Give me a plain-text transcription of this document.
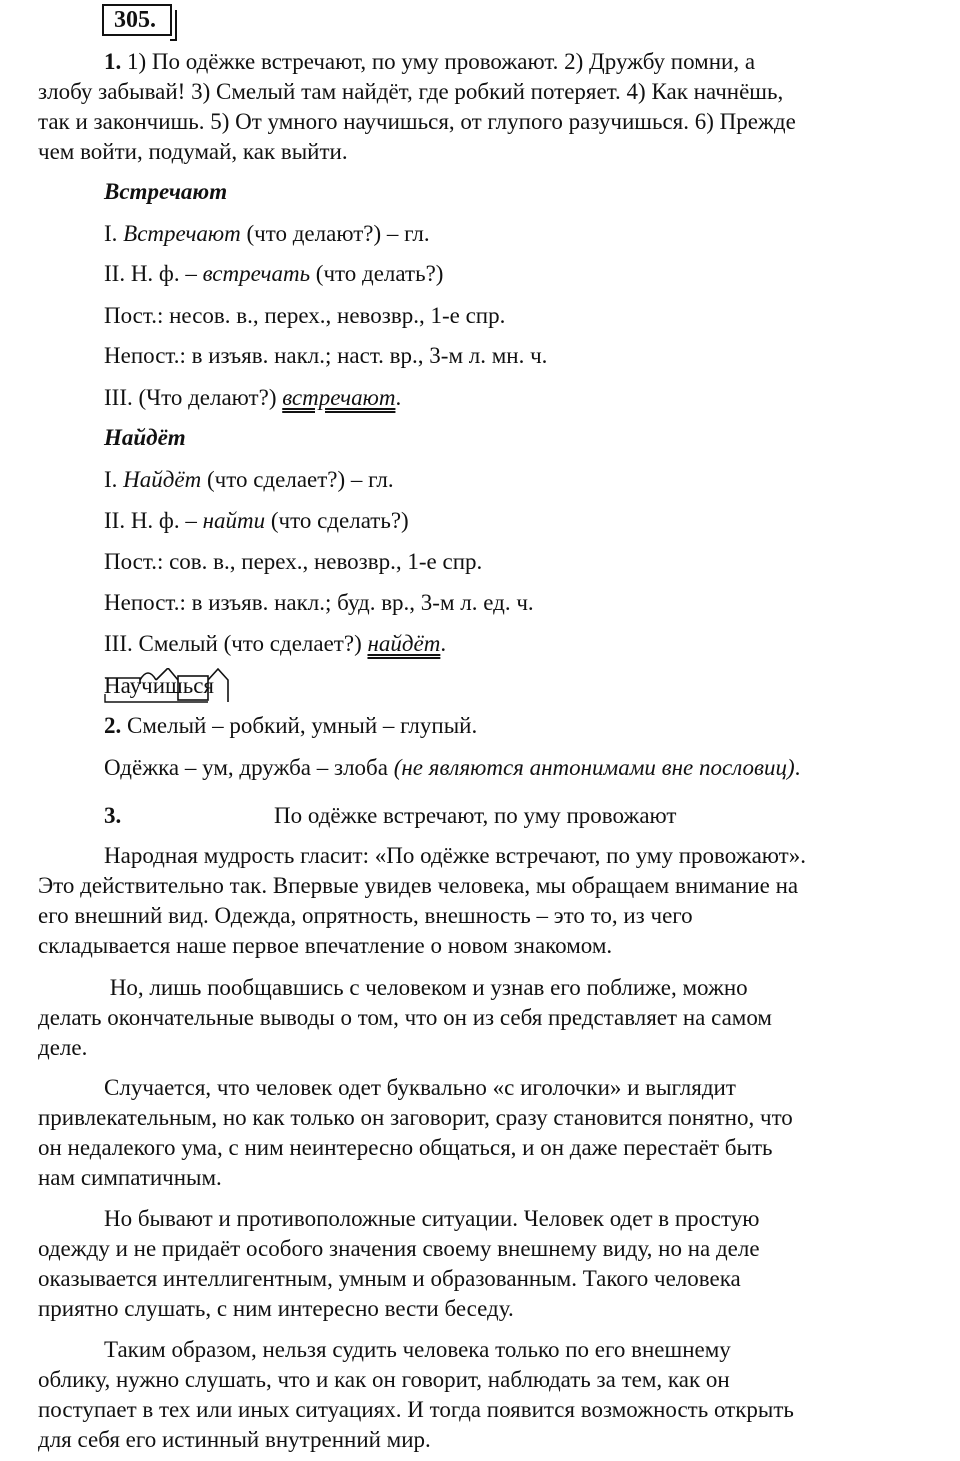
305.
1. 1) По одёжке встречают, по уму провожают. 2) Дружбу помни, а
злобу забывай! 3) Смелый там найдёт, где робкий потеряет. 4) Как начнёшь,
так и закончишь. 5) От умного научишься, от глупого разучишься. 6) Прежде
чем войти, подумай, как выйти.
Встречают
I. Встречают (что делают?) – гл.
II. Н. ф. – встречать (что делать?)
Пост.: несов. в., перех., невозвр., 1-е спр.
Непост.: в изъяв. накл.; наст. вр., 3-м л. мн. ч.
III. (Что делают?) встречают.
Найдёт
I. Найдёт (что сделает?) – гл.
II. Н. ф. – найти (что сделать?)
Пост.: сов. в., перех., невозвр., 1-е спр.
Непост.: в изъяв. накл.; буд. вр., 3-м л. ед. ч.
III. Смелый (что сделает?) найдёт.
Научишься
2. Смелый – робкий, умный – глупый.
Одёжка – ум, дружба – злоба (не являются антонимами вне пословиц).
3.	По одёжке встречают, по уму провожают
Народная мудрость гласит: «По одёжке встречают, по уму провожают».
Это действительно так. Впервые увидев человека, мы обращаем внимание на
его внешний вид. Одежда, опрятность, внешность – это то, из чего
складывается наше первое впечатление о новом знакомом.
Но, лишь пообщавшись с человеком и узнав его поближе, можно
делать окончательные выводы о том, что он из себя представляет на самом
деле.
Случается, что человек одет буквально «с иголочки» и выглядит
привлекательным, но как только он заговорит, сразу становится понятно, что
он недалекого ума, с ним неинтересно общаться, и он даже перестаёт быть
нам симпатичным.
Но бывают и противоположные ситуации. Человек одет в простую
одежду и не придаёт особого значения своему внешнему виду, но на деле
оказывается интеллигентным, умным и образованным. Такого человека
приятно слушать, с ним интересно вести беседу.
Таким образом, нельзя судить человека только по его внешнему
облику, нужно слушать, что и как он говорит, наблюдать за тем, как он
поступает в тех или иных ситуациях. И тогда появится возможность открыть
для себя его истинный внутренний мир.
